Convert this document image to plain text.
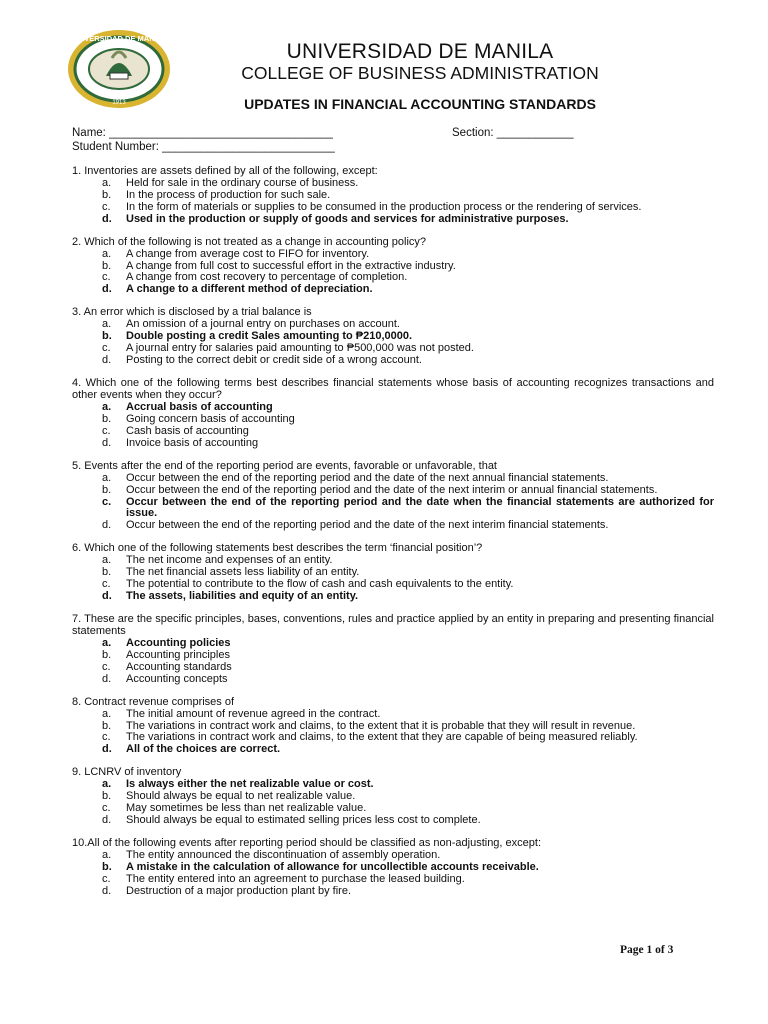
UNIVERSIDAD DE MANILA
1913
UNIVERSIDAD DE MANILA
COLLEGE OF BUSINESS ADMINISTRATION
UPDATES IN FINANCIAL ACCOUNTING STANDARDS
Name: ___________________________________	Section: ____________
Student Number: ___________________________
1. Inventories are assets defined by all of the following, except:
a.	Held for sale in the ordinary course of business.
b.	In the process of production for such sale.
c.	In the form of materials or supplies to be consumed in the production process or the rendering of services.
d.	Used in the production or supply of goods and services for administrative purposes.
2. Which of the following is not treated as a change in accounting policy?
a.	A change from average cost to FIFO for inventory.
b.	A change from full cost to successful effort in the extractive industry.
c.	A change from cost recovery to percentage of completion.
d.	A change to a different method of depreciation.
3. An error which is disclosed by a trial balance is
a.	An omission of a journal entry on purchases on account.
b.	Double posting a credit Sales amounting to ₱210,0000.
c.	A journal entry for salaries paid amounting to ₱500,000 was not posted.
d.	Posting to the correct debit or credit side of a wrong account.
4. Which one of the following terms best describes financial statements whose basis of accounting recognizes transactions and other events when they occur?
a.	Accrual basis of accounting
b.	Going concern basis of accounting
c.	Cash basis of accounting
d.	Invoice basis of accounting
5. Events after the end of the reporting period are events, favorable or unfavorable, that
a.	Occur between the end of the reporting period and the date of the next annual financial statements.
b.	Occur between the end of the reporting period and the date of the next interim or annual financial statements.
c.	Occur between the end of the reporting period and the date when the financial statements are authorized for issue.
d.	Occur between the end of the reporting period and the date of the next interim financial statements.
6. Which one of the following statements best describes the term ‘financial position’?
a.	The net income and expenses of an entity.
b.	The net financial assets less liability of an entity.
c.	The potential to contribute to the flow of cash and cash equivalents to the entity.
d.	The assets, liabilities and equity of an entity.
7. These are the specific principles, bases, conventions, rules and practice applied by an entity in preparing and presenting financial statements
a.	Accounting policies
b.	Accounting principles
c.	Accounting standards
d.	Accounting concepts
8. Contract revenue comprises of
a.	The initial amount of revenue agreed in the contract.
b.	The variations in contract work and claims, to the extent that it is probable that they will result in revenue.
c.	The variations in contract work and claims, to the extent that they are capable of being measured reliably.
d.	All of the choices are correct.
9. LCNRV of inventory
a.	Is always either the net realizable value or cost.
b.	Should always be equal to net realizable value.
c.	May sometimes be less than net realizable value.
d.	Should always be equal to estimated selling prices less cost to complete.
10.All of the following events after reporting period should be classified as non-adjusting, except:
a.	The entity announced the discontinuation of assembly operation.
b.	A mistake in the calculation of allowance for uncollectible accounts receivable.
c.	The entity entered into an agreement to purchase the leased building.
d.	Destruction of a major production plant by fire.
Page 1 of 3
